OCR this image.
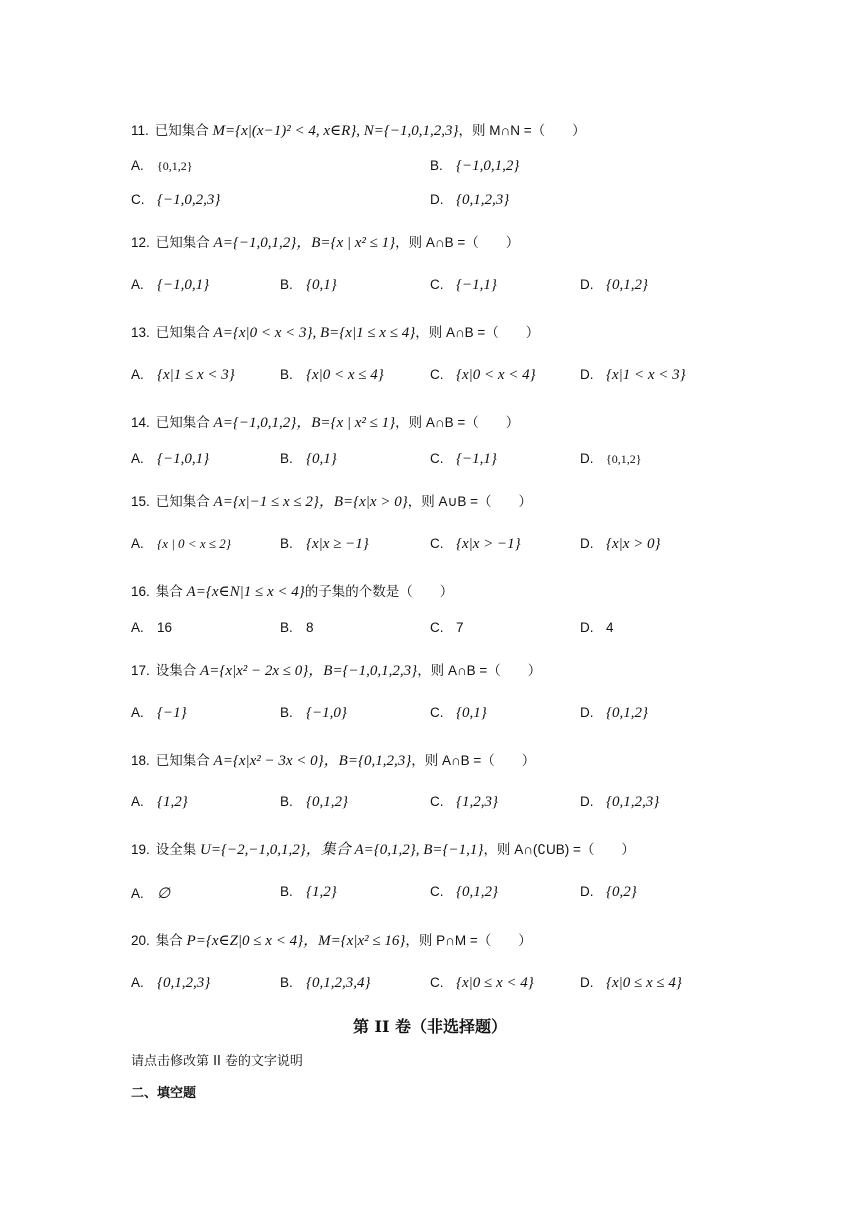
11. 已知集合 M={x|(x−1)² < 4, x∈R}, N={−1,0,1,2,3}，则 M∩N =（　　）
A. {0,1,2}	B. {−1,0,1,2}
C. {−1,0,2,3}	D. {0,1,2,3}
12. 已知集合 A={−1,0,1,2}，B={x | x² ≤ 1}，则 A∩B =（　　）
A. {−1,0,1}	B. {0,1}	C. {−1,1}	D. {0,1,2}
13. 已知集合 A={x|0 < x < 3}, B={x|1 ≤ x ≤ 4}，则 A∩B =（　　）
A. {x|1 ≤ x < 3}	B. {x|0 < x ≤ 4}	C. {x|0 < x < 4}	D. {x|1 < x < 3}
14. 已知集合 A={−1,0,1,2}，B={x | x² ≤ 1}，则 A∩B =（　　）
A. {−1,0,1}	B. {0,1}	C. {−1,1}	D. {0,1,2}
15. 已知集合 A={x|−1 ≤ x ≤ 2}，B={x|x > 0}，则 A∪B =（　　）
A. {x | 0 < x ≤ 2}	B. {x|x ≥ −1}	C. {x|x > −1}	D. {x|x > 0}
16. 集合 A={x∈N|1 ≤ x < 4}的子集的个数是（　　）
A. 16	B. 8	C. 7	D. 4
17. 设集合 A={x|x² − 2x ≤ 0}，B={−1,0,1,2,3}，则 A∩B =（　　）
A. {−1}	B. {−1,0}	C. {0,1}	D. {0,1,2}
18. 已知集合 A={x|x² − 3x < 0}，B={0,1,2,3}，则 A∩B =（　　）
A. {1,2}	B. {0,1,2}	C. {1,2,3}	D. {0,1,2,3}
19. 设全集 U={−2,−1,0,1,2}，集合 A={0,1,2}, B={−1,1}，则 A∩(∁UB) =（　　）
A. ∅	B. {1,2}	C. {0,1,2}	D. {0,2}
20. 集合 P={x∈Z|0 ≤ x < 4}，M={x|x² ≤ 16}，则 P∩M =（　　）
A. {0,1,2,3}	B. {0,1,2,3,4}	C. {x|0 ≤ x < 4}	D. {x|0 ≤ x ≤ 4}
第 II 卷（非选择题）
请点击修改第 II 卷的文字说明
二、填空题
